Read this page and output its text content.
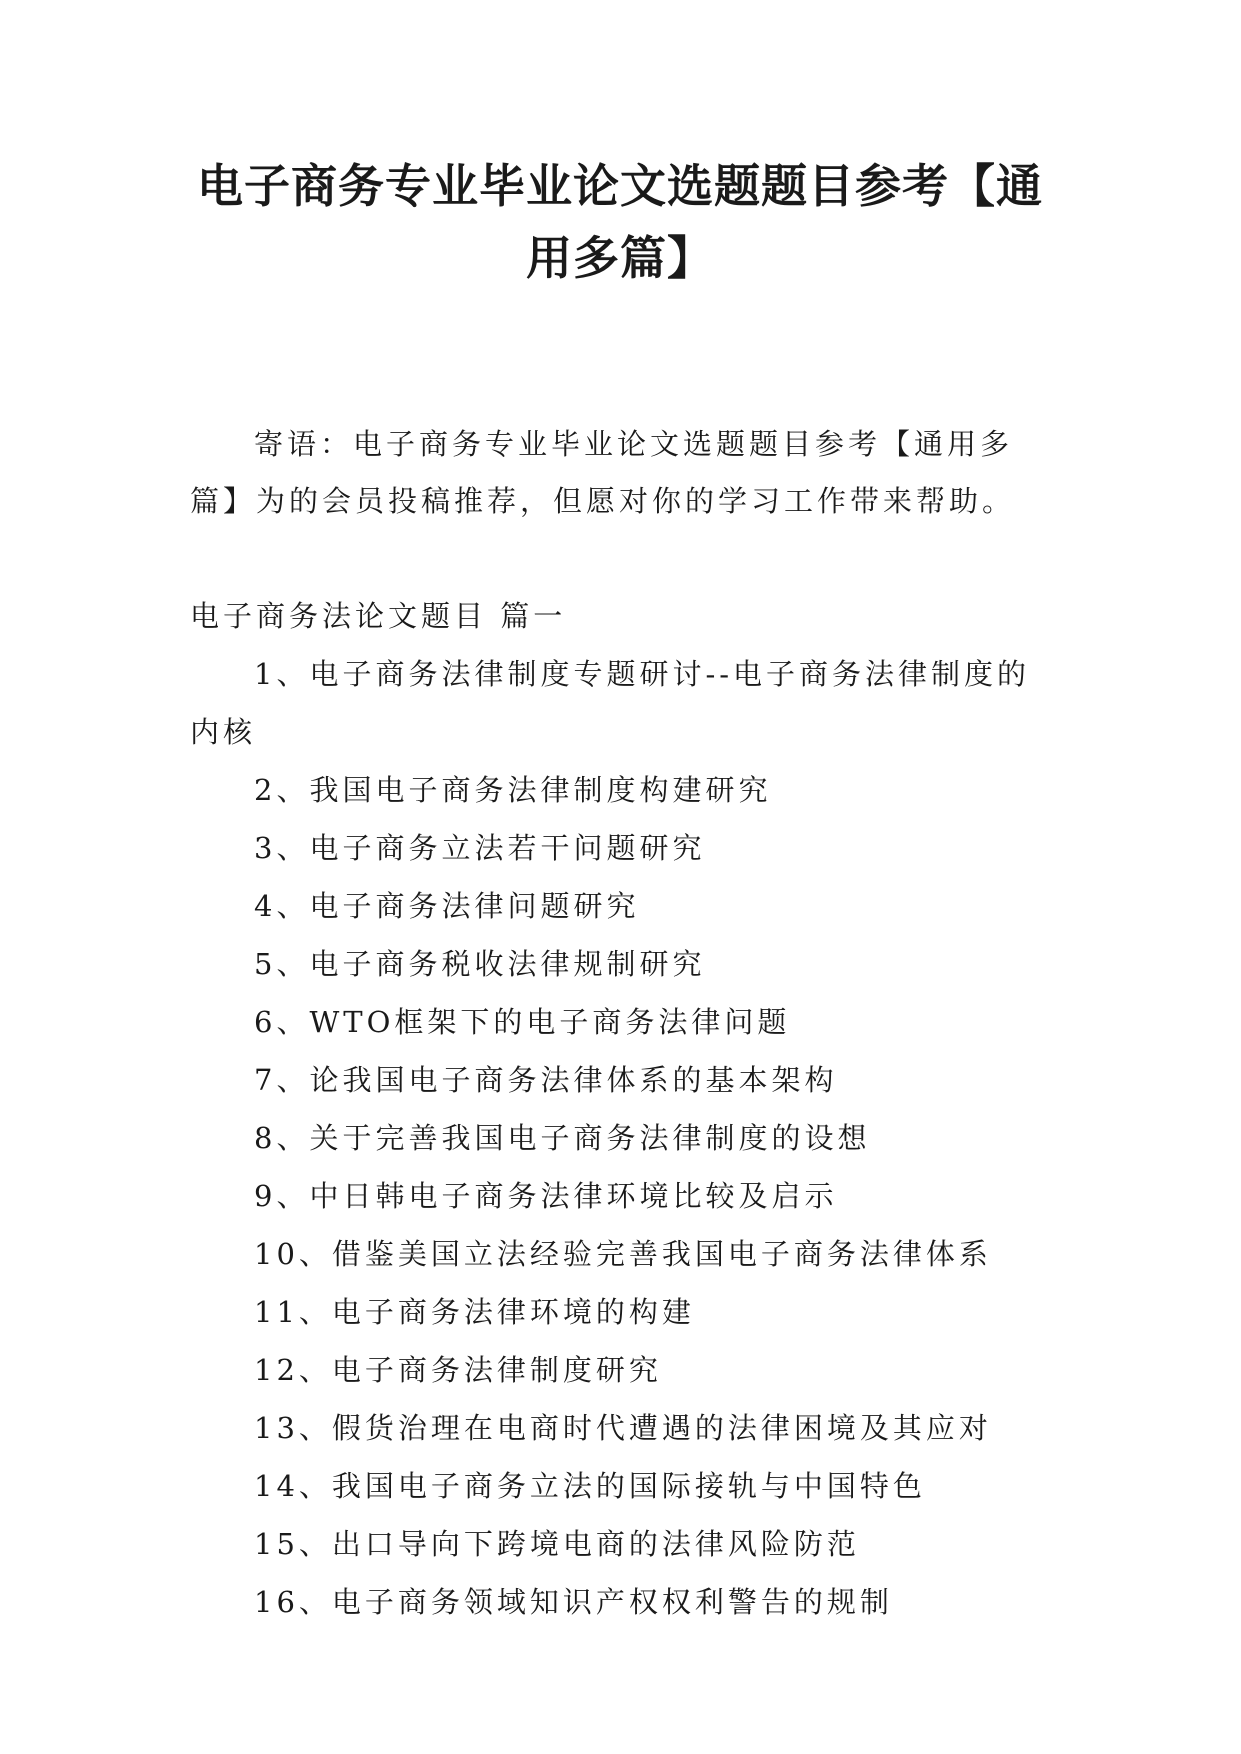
电子商务专业毕业论文选题题目参考【通用多篇】

寄语：电子商务专业毕业论文选题题目参考【通用多篇】为的会员投稿推荐，但愿对你的学习工作带来帮助。

电子商务法论文题目 篇一

1、电子商务法律制度专题研讨--电子商务法律制度的内核
2、我国电子商务法律制度构建研究
3、电子商务立法若干问题研究
4、电子商务法律问题研究
5、电子商务税收法律规制研究
6、WTO框架下的电子商务法律问题
7、论我国电子商务法律体系的基本架构
8、关于完善我国电子商务法律制度的设想
9、中日韩电子商务法律环境比较及启示
10、借鉴美国立法经验完善我国电子商务法律体系
11、电子商务法律环境的构建
12、电子商务法律制度研究
13、假货治理在电商时代遭遇的法律困境及其应对
14、我国电子商务立法的国际接轨与中国特色
15、出口导向下跨境电商的法律风险防范
16、电子商务领域知识产权权利警告的规制
